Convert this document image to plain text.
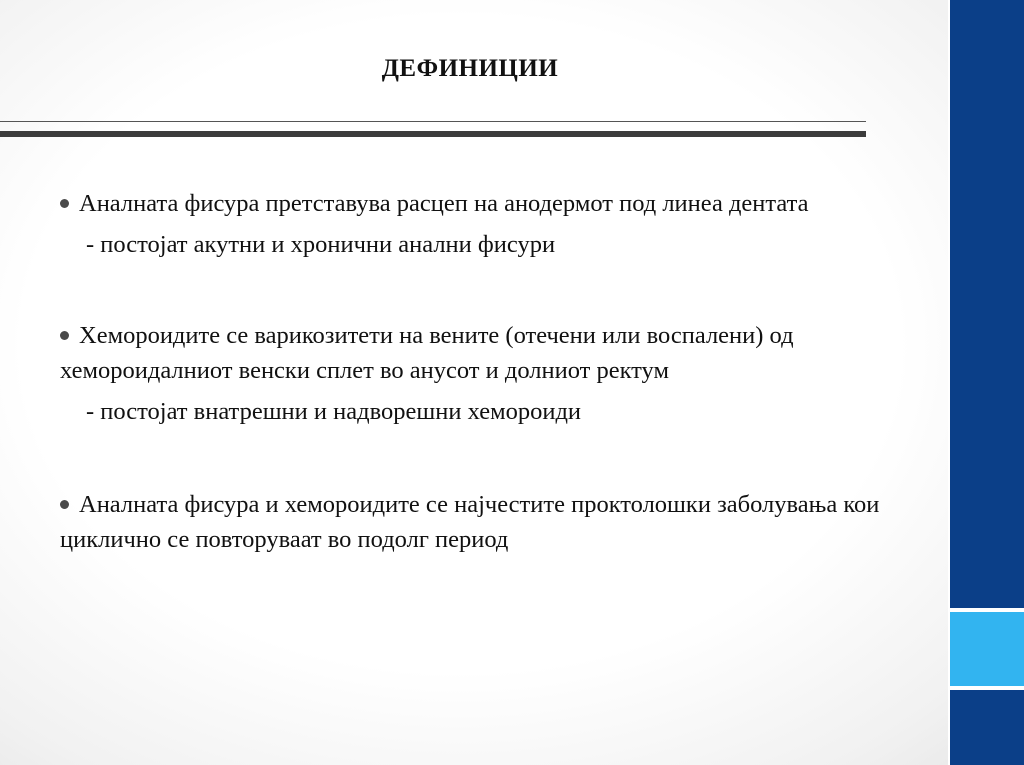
ДЕФИНИЦИИ

Аналната фисура претставува расцеп на анодермот под линеа дентата

- постојат акутни и хронични анални фисури

Хемороидите се варикозитети на вените (отечени или воспалени) од хемороидалниот венски сплет во анусот и долниот ректум

- постојат внатрешни и надворешни хемороиди

Аналната фисура и хемороидите се најчестите проктолошки заболувања кои циклично се повторуваат во подолг период
